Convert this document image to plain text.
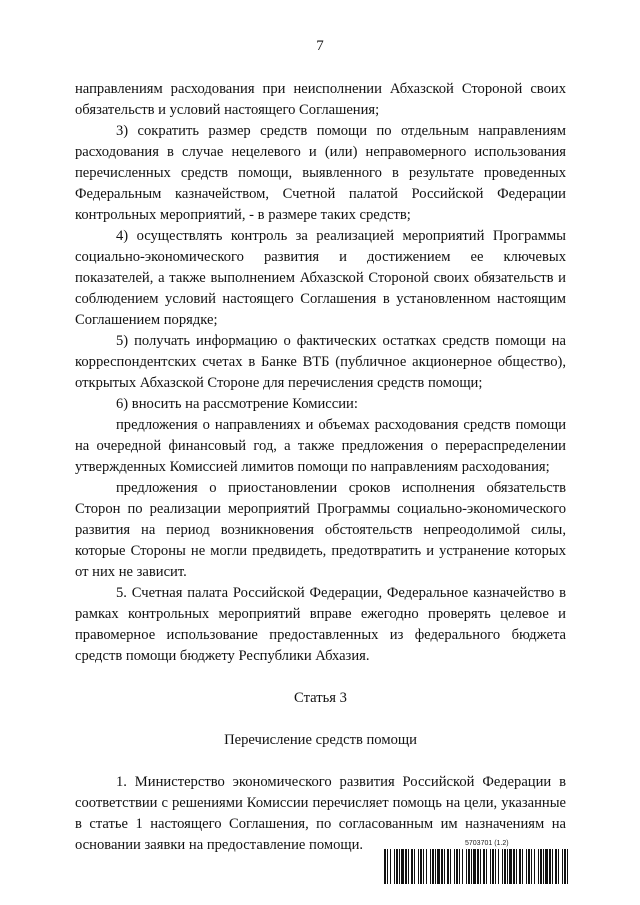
7

направлениям расходования при неисполнении Абхазской Стороной своих обязательств и условий настоящего Соглашения;

3) сократить размер средств помощи по отдельным направлениям расходования в случае нецелевого и (или) неправомерного использования перечисленных средств помощи, выявленного в результате проведенных Федеральным казначейством, Счетной палатой Российской Федерации контрольных мероприятий, - в размере таких средств;

4) осуществлять контроль за реализацией мероприятий Программы социально-экономического развития и достижением ее ключевых показателей, а также выполнением Абхазской Стороной своих обязательств и соблюдением условий настоящего Соглашения в установленном настоящим Соглашением порядке;

5) получать информацию о фактических остатках средств помощи на корреспондентских счетах в Банке ВТБ (публичное акционерное общество), открытых Абхазской Стороне для перечисления средств помощи;

6) вносить на рассмотрение Комиссии:

предложения о направлениях и объемах расходования средств помощи на очередной финансовый год, а также предложения о перераспределении утвержденных Комиссией лимитов помощи по направлениям расходования;

предложения о приостановлении сроков исполнения обязательств Сторон по реализации мероприятий Программы социально-экономического развития на период возникновения обстоятельств непреодолимой силы, которые Стороны не могли предвидеть, предотвратить и устранение которых от них не зависит.

5. Счетная палата Российской Федерации, Федеральное казначейство в рамках контрольных мероприятий вправе ежегодно проверять целевое и правомерное использование предоставленных из федерального бюджета средств помощи бюджету Республики Абхазия.

Статья 3

Перечисление средств помощи

1. Министерство экономического развития Российской Федерации в соответствии с решениями Комиссии перечисляет помощь на цели, указанные в статье 1 настоящего Соглашения, по согласованным им назначениям на основании заявки на предоставление помощи.	5703701 (1.2)
